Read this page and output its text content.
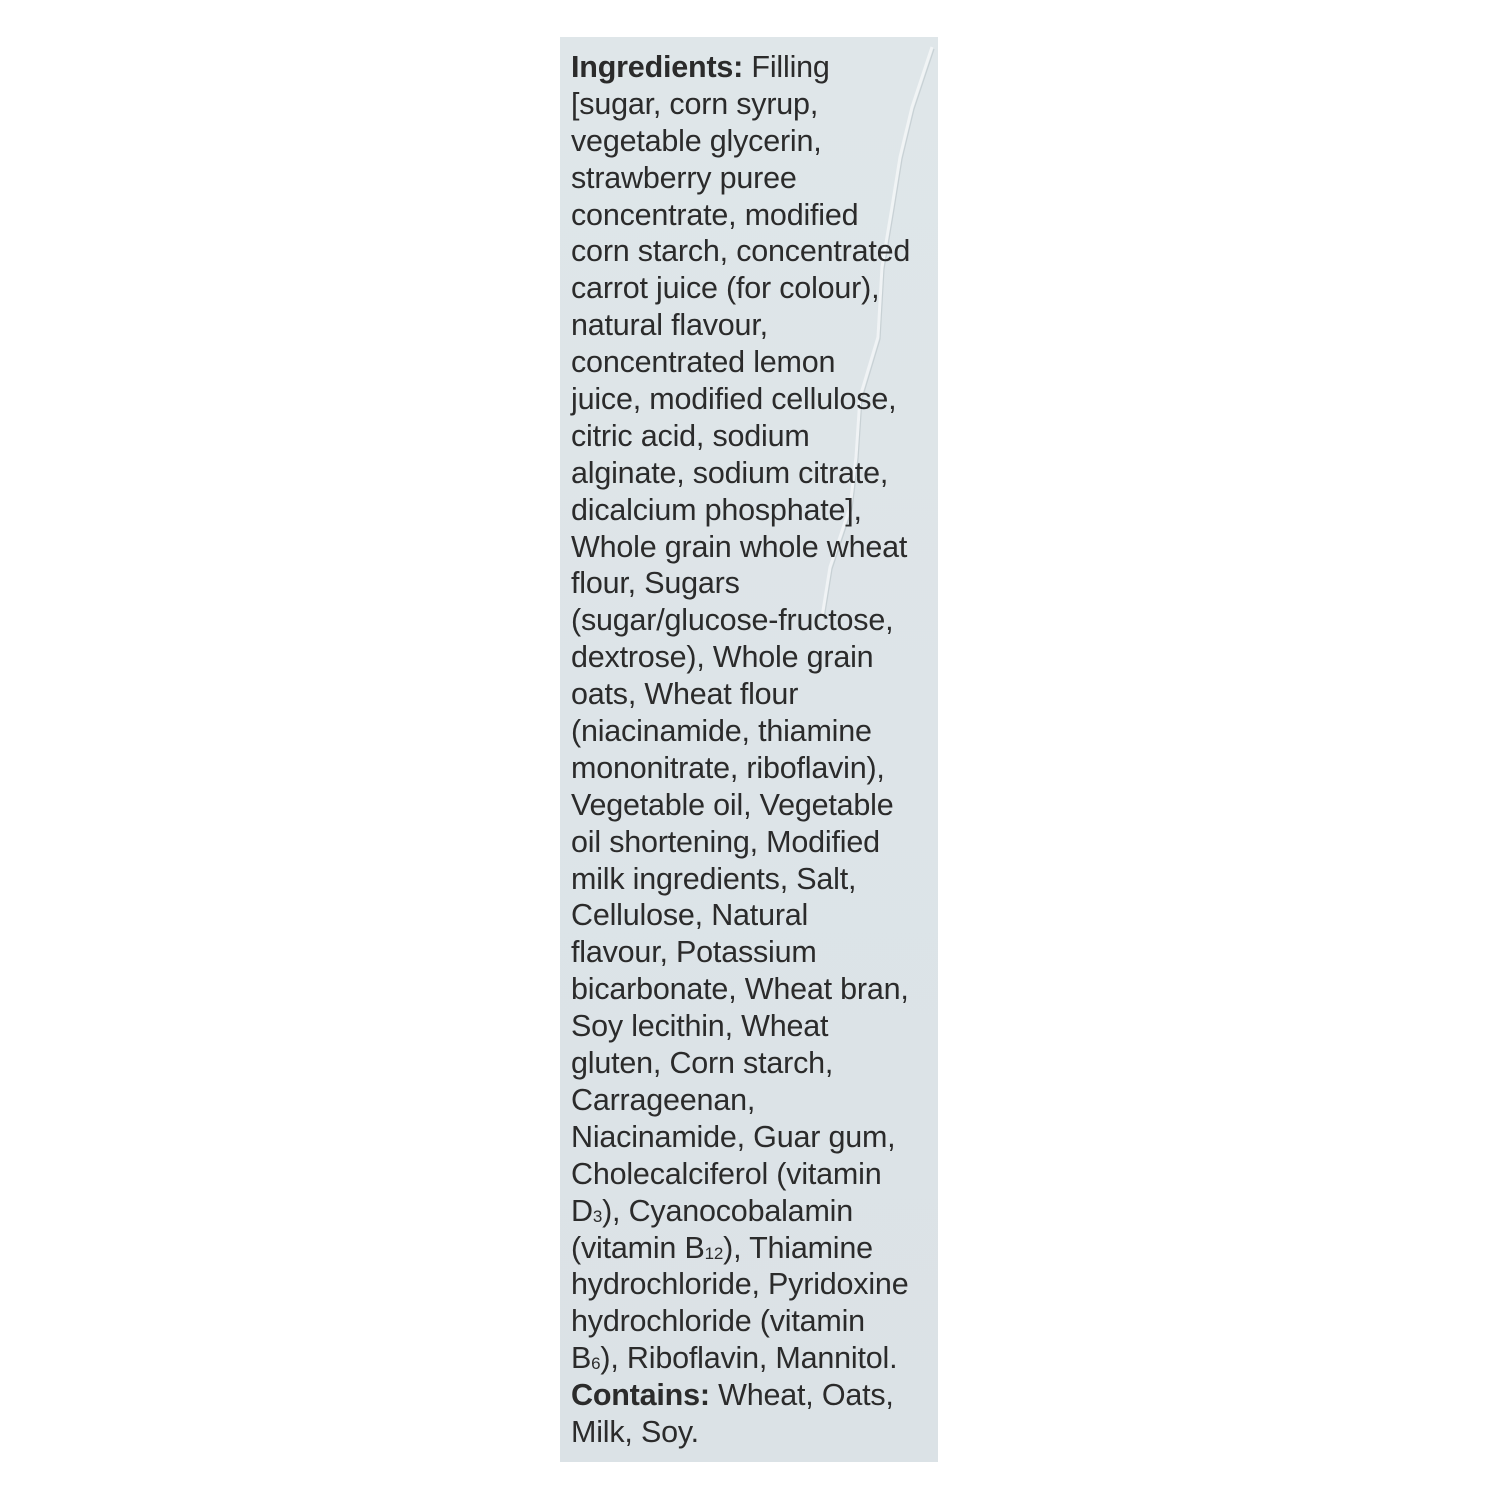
Ingredients: Filling
[sugar, corn syrup,
vegetable glycerin,
strawberry puree
concentrate, modified
corn starch, concentrated
carrot juice (for colour),
natural flavour,
concentrated lemon
juice, modified cellulose,
citric acid, sodium
alginate, sodium citrate,
dicalcium phosphate],
Whole grain whole wheat
flour, Sugars
(sugar/glucose-fructose,
dextrose), Whole grain
oats, Wheat flour
(niacinamide, thiamine
mononitrate, riboflavin),
Vegetable oil, Vegetable
oil shortening, Modified
milk ingredients, Salt,
Cellulose, Natural
flavour, Potassium
bicarbonate, Wheat bran,
Soy lecithin, Wheat
gluten, Corn starch,
Carrageenan,
Niacinamide, Guar gum,
Cholecalciferol (vitamin
D3), Cyanocobalamin
(vitamin B12), Thiamine
hydrochloride, Pyridoxine
hydrochloride (vitamin
B6), Riboflavin, Mannitol.
Contains: Wheat, Oats,
Milk, Soy.
